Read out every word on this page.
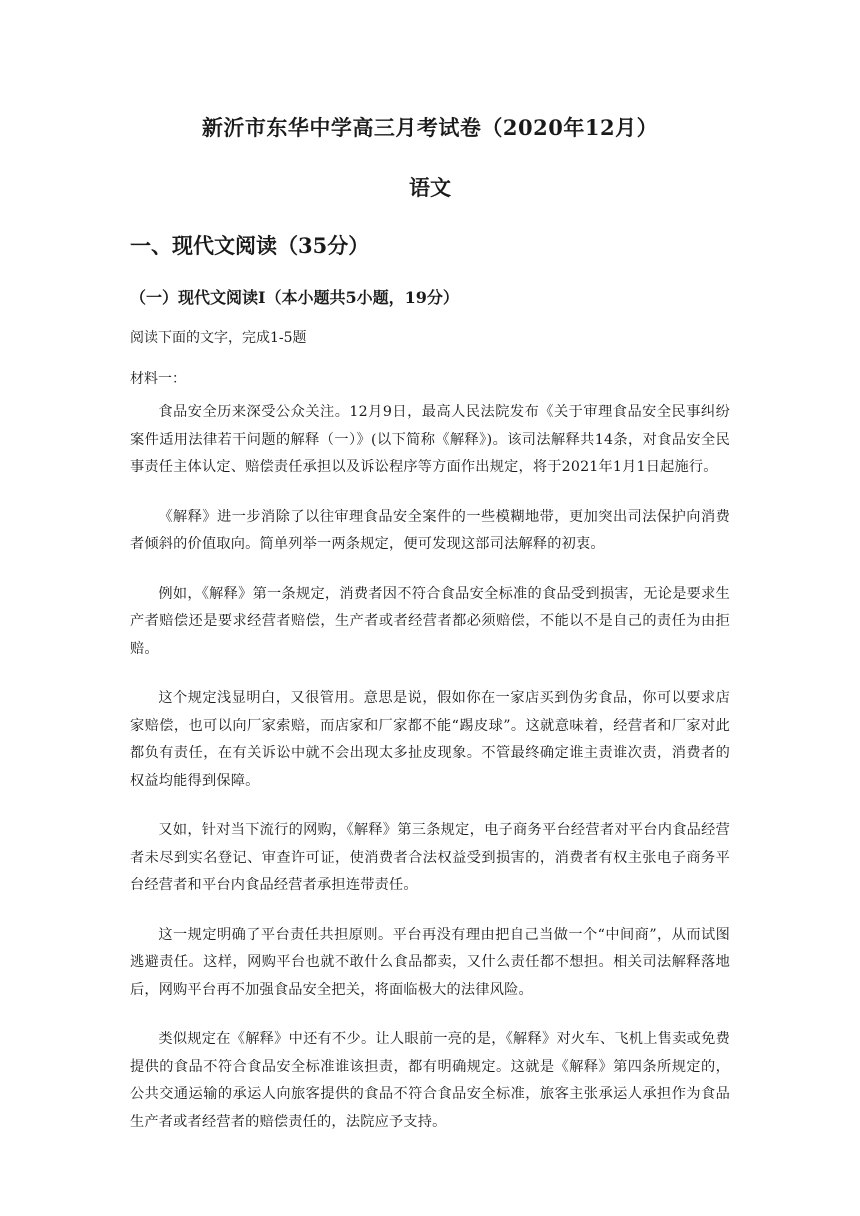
新沂市东华中学高三月考试卷（2020年12月）
语文
一、现代文阅读（35分）
（一）现代文阅读Ⅰ（本小题共5小题，19分）
阅读下面的文字，完成1-5题
材料一：

食品安全历来深受公众关注。12月9日，最高人民法院发布《关于审理食品安全民事纠纷案件适用法律若干问题的解释（一）》(以下简称《解释》)。该司法解释共14条，对食品安全民事责任主体认定、赔偿责任承担以及诉讼程序等方面作出规定，将于2021年1月1日起施行。

《解释》进一步消除了以往审理食品安全案件的一些模糊地带，更加突出司法保护向消费者倾斜的价值取向。简单列举一两条规定，便可发现这部司法解释的初衷。

例如，《解释》第一条规定，消费者因不符合食品安全标准的食品受到损害，无论是要求生产者赔偿还是要求经营者赔偿，生产者或者经营者都必须赔偿，不能以不是自己的责任为由拒赔。

这个规定浅显明白，又很管用。意思是说，假如你在一家店买到伪劣食品，你可以要求店家赔偿，也可以向厂家索赔，而店家和厂家都不能“踢皮球”。这就意味着，经营者和厂家对此都负有责任，在有关诉讼中就不会出现太多扯皮现象。不管最终确定谁主责谁次责，消费者的权益均能得到保障。

又如，针对当下流行的网购，《解释》第三条规定，电子商务平台经营者对平台内食品经营者未尽到实名登记、审查许可证，使消费者合法权益受到损害的，消费者有权主张电子商务平台经营者和平台内食品经营者承担连带责任。

这一规定明确了平台责任共担原则。平台再没有理由把自己当做一个“中间商”，从而试图逃避责任。这样，网购平台也就不敢什么食品都卖，又什么责任都不想担。相关司法解释落地后，网购平台再不加强食品安全把关，将面临极大的法律风险。

类似规定在《解释》中还有不少。让人眼前一亮的是，《解释》对火车、飞机上售卖或免费提供的食品不符合食品安全标准谁该担责，都有明确规定。这就是《解释》第四条所规定的，公共交通运输的承运人向旅客提供的食品不符合食品安全标准，旅客主张承运人承担作为食品生产者或者经营者的赔偿责任的，法院应予支持。
